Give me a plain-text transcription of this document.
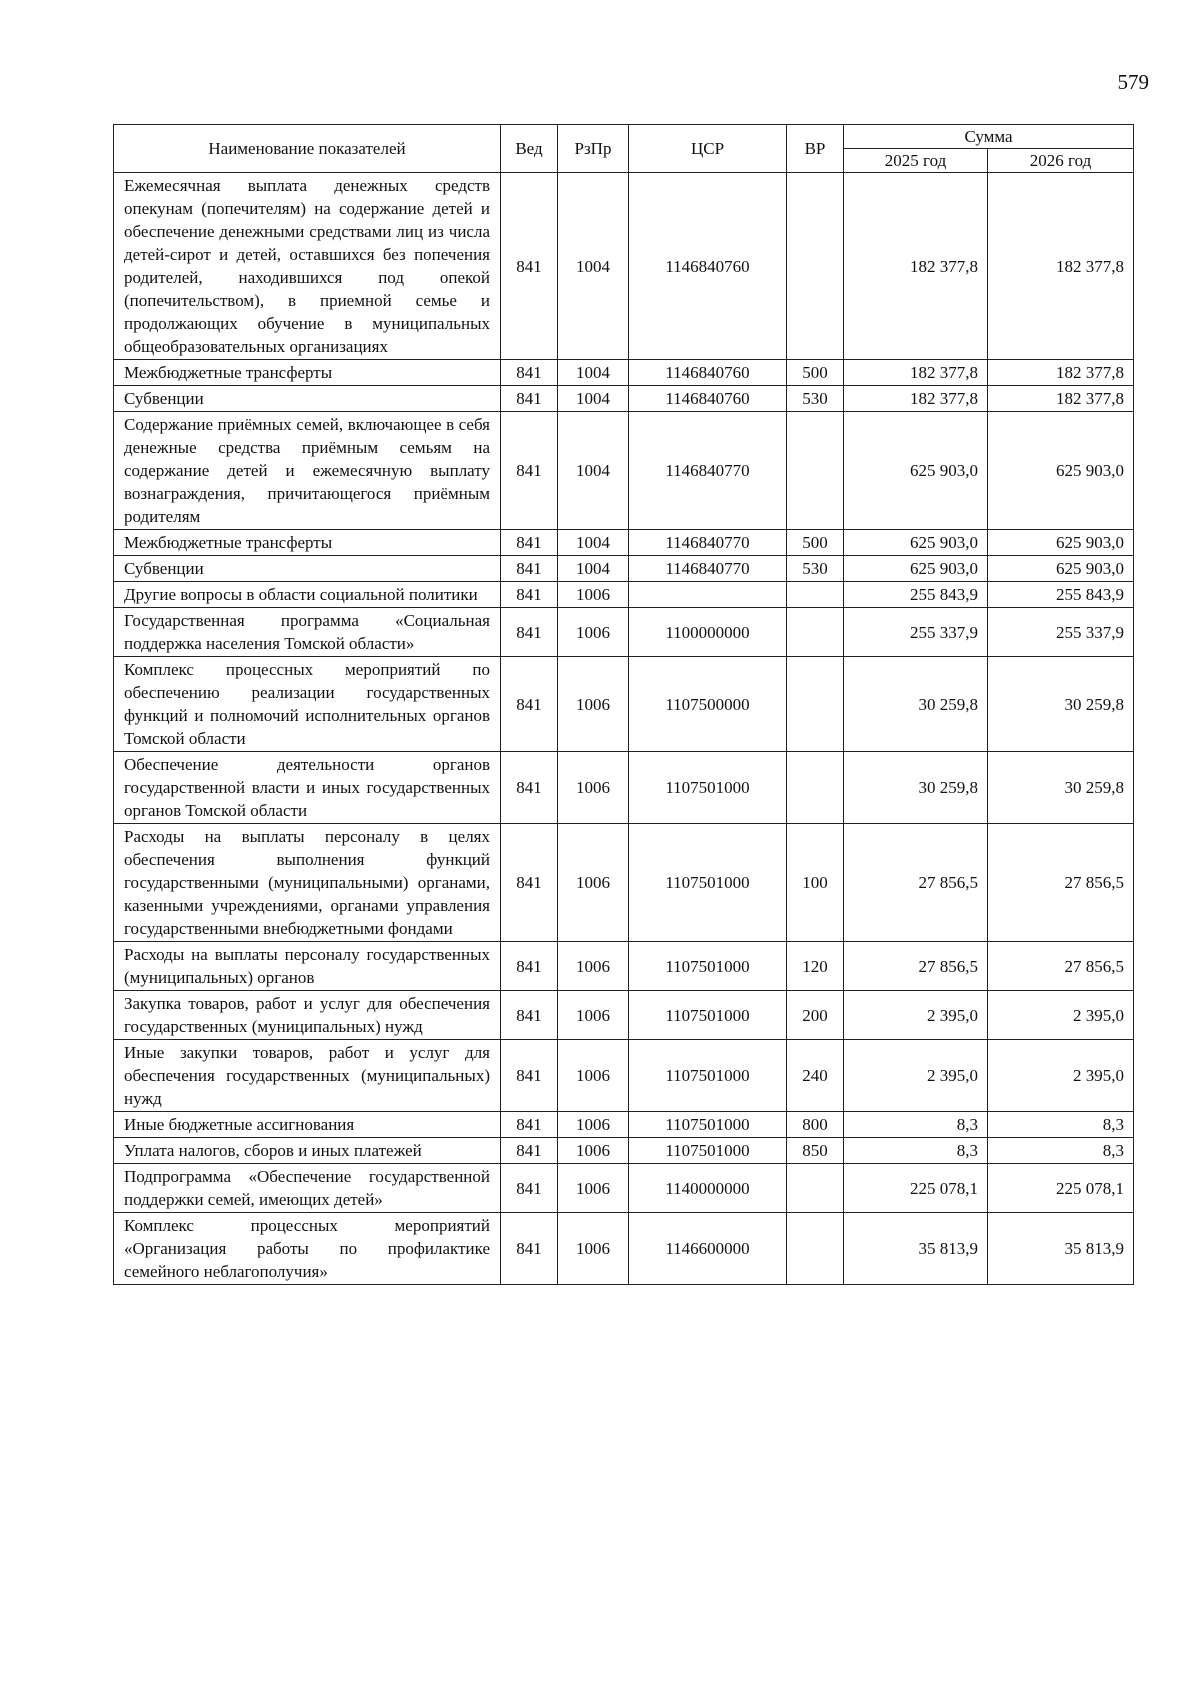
579
Наименование показателей	Вед	РзПр	ЦСР	ВР	Сумма	
					2025 год	2026 год
Ежемесячная выплата денежных средств опекунам (попечителям) на содержание детей и обеспечение денежными средствами лиц из числа детей-сирот и детей, оставшихся без попечения родителей, находившихся под опекой (попечительством), в приемной семье и продолжающих обучение в муниципальных общеобразовательных организациях	841	1004	1146840760		182 377,8	182 377,8
Межбюджетные трансферты	841	1004	1146840760	500	182 377,8	182 377,8
Субвенции	841	1004	1146840760	530	182 377,8	182 377,8
Содержание приёмных семей, включающее в себя денежные средства приёмным семьям на содержание детей и ежемесячную выплату вознаграждения, причитающегося приёмным родителям	841	1004	1146840770		625 903,0	625 903,0
Межбюджетные трансферты	841	1004	1146840770	500	625 903,0	625 903,0
Субвенции	841	1004	1146840770	530	625 903,0	625 903,0
Другие вопросы в области социальной политики	841	1006			255 843,9	255 843,9
Государственная программа «Социальная поддержка населения Томской области»	841	1006	1100000000		255 337,9	255 337,9
Комплекс процессных мероприятий по обеспечению реализации государственных функций и полномочий исполнительных органов Томской области	841	1006	1107500000		30 259,8	30 259,8
Обеспечение деятельности органов государственной власти и иных государственных органов Томской области	841	1006	1107501000		30 259,8	30 259,8
Расходы на выплаты персоналу в целях обеспечения выполнения функций государственными (муниципальными) органами, казенными учреждениями, органами управления государственными внебюджетными фондами	841	1006	1107501000	100	27 856,5	27 856,5
Расходы на выплаты персоналу государственных (муниципальных) органов	841	1006	1107501000	120	27 856,5	27 856,5
Закупка товаров, работ и услуг для обеспечения государственных (муниципальных) нужд	841	1006	1107501000	200	2 395,0	2 395,0
Иные закупки товаров, работ и услуг для обеспечения государственных (муниципальных) нужд	841	1006	1107501000	240	2 395,0	2 395,0
Иные бюджетные ассигнования	841	1006	1107501000	800	8,3	8,3
Уплата налогов, сборов и иных платежей	841	1006	1107501000	850	8,3	8,3
Подпрограмма «Обеспечение государственной поддержки семей, имеющих детей»	841	1006	1140000000		225 078,1	225 078,1
Комплекс процессных мероприятий «Организация работы по профилактике семейного неблагополучия»	841	1006	1146600000		35 813,9	35 813,9
